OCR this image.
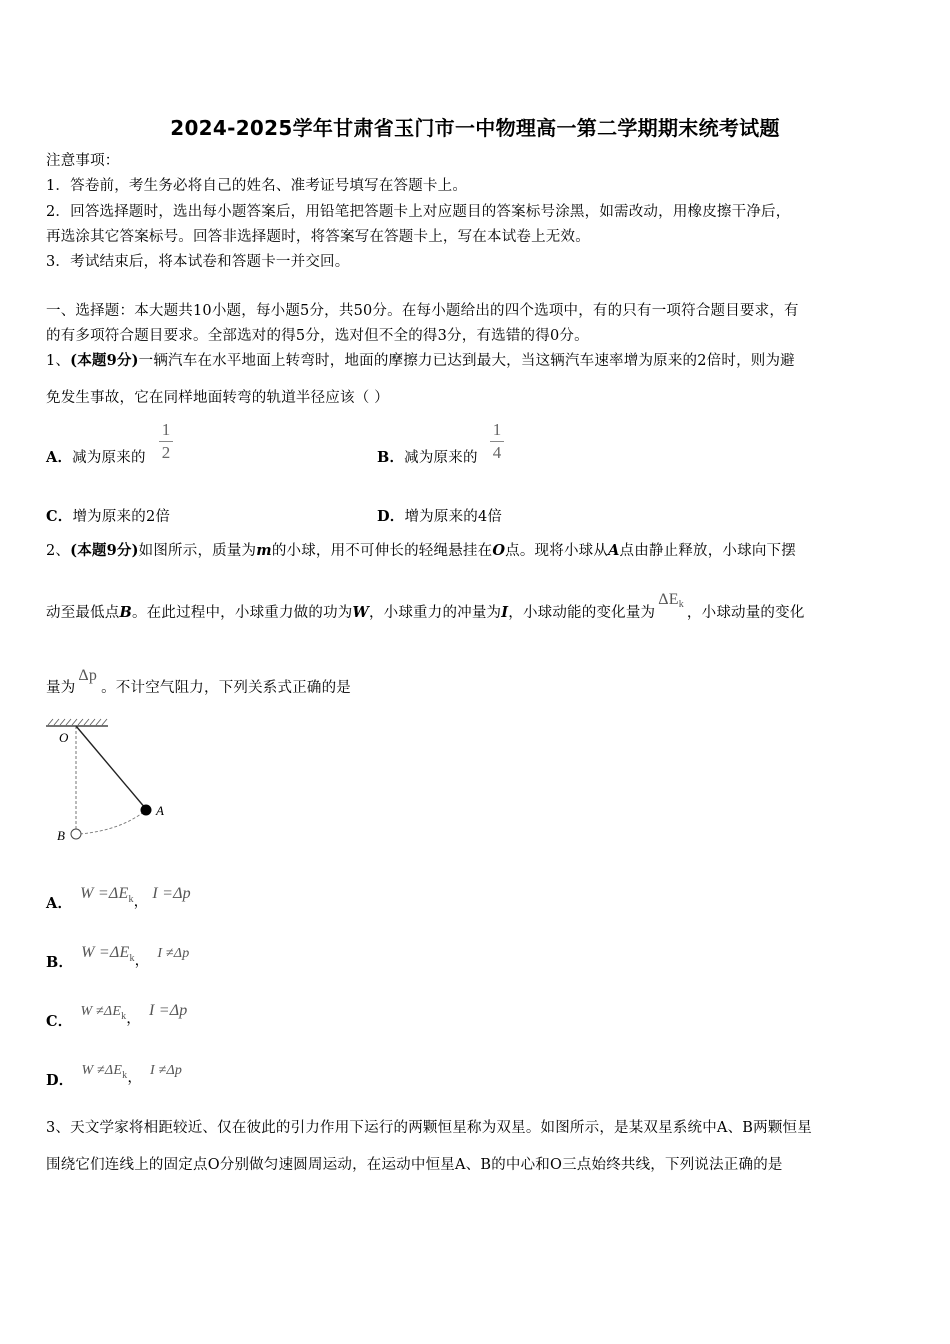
2024-2025学年甘肃省玉门市一中物理高一第二学期期末统考试题
注意事项：
1．答卷前，考生务必将自己的姓名、准考证号填写在答题卡上。
2．回答选择题时，选出每小题答案后，用铅笔把答题卡上对应题目的答案标号涂黑，如需改动，用橡皮擦干净后，
再选涂其它答案标号。回答非选择题时，将答案写在答题卡上，写在本试卷上无效。
3．考试结束后，将本试卷和答题卡一并交回。
一、选择题：本大题共10小题，每小题5分，共50分。在每小题给出的四个选项中，有的只有一项符合题目要求，有
的有多项符合题目要求。全部选对的得5分，选对但不全的得3分，有选错的得0分。
1、(本题9分)一辆汽车在水平地面上转弯时，地面的摩擦力已达到最大，当这辆汽车速率增为原来的2倍时，则为避
免发生事故，它在同样地面转弯的轨道半径应该（ ）
A．减为原来的
1
2	B．减为原来的
1
4
C．增为原来的2倍	D．增为原来的4倍
2、(本题9分)如图所示，质量为m的小球，用不可伸长的轻绳悬挂在O点。现将小球从A点由静止释放，小球向下摆
动至最低点B。在此过程中，小球重力做的功为W，小球重力的冲量为I，小球动能的变化量为$\Delta E_k$，小球动量的变化
量为Δp。不计空气阻力，下列关系式正确的是
O
A
B
A．$W =\Delta E_k$， I =Δp
B．$W =\Delta E_k$， I ≠Δp
C．$W \ne\Delta E_k$， I =Δp
D．$W \ne\Delta E_k$， I ≠Δp
3、天文学家将相距较近、仅在彼此的引力作用下运行的两颗恒星称为双星。如图所示，是某双星系统中A、B两颗恒星
围绕它们连线上的固定点O分别做匀速圆周运动，在运动中恒星A、B的中心和O三点始终共线，下列说法正确的是
